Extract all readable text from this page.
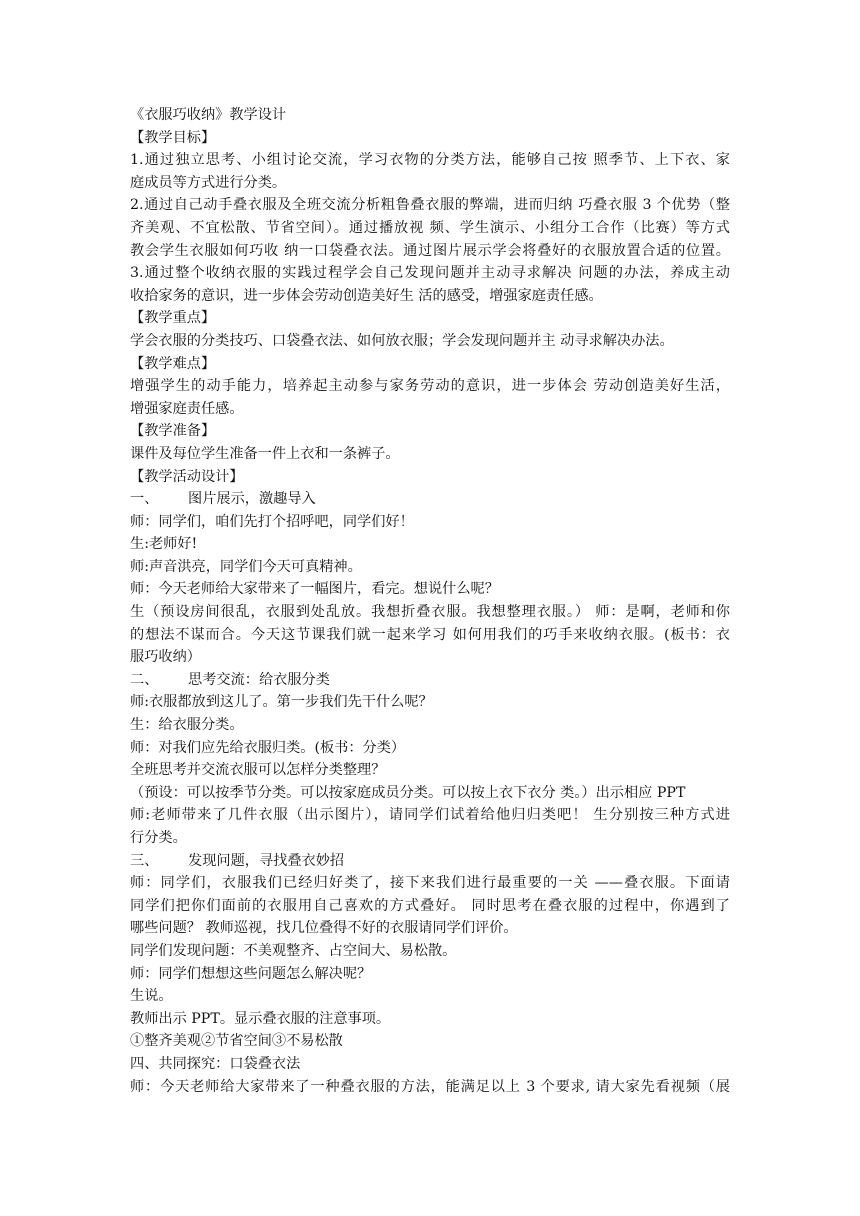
《衣服巧收纳》教学设计
【教学目标】
1.通过独立思考、小组讨论交流，学习衣物的分类方法，能够自己按 照季节、上下衣、家
庭成员等方式进行分类。
2.通过自己动手叠衣服及全班交流分析粗鲁叠衣服的弊端，进而归纳 巧叠衣服 3 个优势（整
齐美观、不宜松散、节省空间）。通过播放视 频、学生演示、小组分工合作（比赛）等方式
教会学生衣服如何巧收 纳一口袋叠衣法。通过图片展示学会将叠好的衣服放置合适的位置。
3.通过整个收纳衣服的实践过程学会自己发现问题并主动寻求解决 问题的办法，养成主动
收拾家务的意识，进一步体会劳动创造美好生 活的感受，增强家庭责任感。
【教学重点】
学会衣服的分类技巧、口袋叠衣法、如何放衣服；学会发现问题并主 动寻求解决办法。
【教学难点】
增强学生的动手能力，培养起主动参与家务劳动的意识，进一步体会 劳动创造美好生活，
增强家庭责任感。
【教学准备】
课件及每位学生准备一件上衣和一条裤子。
【教学活动设计】
一、 图片展示，激趣导入
师：同学们，咱们先打个招呼吧，同学们好！
生:老师好!
师:声音洪亮，同学们今天可真精神。
师：今天老师给大家带来了一幅图片，看完。想说什么呢？
生（预设房间很乱，衣服到处乱放。我想折叠衣服。我想整理衣服。） 师：是啊，老师和你
的想法不谋而合。今天这节课我们就一起来学习 如何用我们的巧手来收纳衣服。(板书：衣
服巧收纳）
二、 思考交流：给衣服分类
师:衣服都放到这儿了。第一步我们先干什么呢？
生：给衣服分类。
师：对我们应先给衣服归类。(板书：分类）
全班思考并交流衣服可以怎样分类整理？
（预设：可以按季节分类。可以按家庭成员分类。可以按上衣下衣分 类。）出示相应 PPT
师:老师带来了几件衣服（出示图片），请同学们试着给他归归类吧！ 生分别按三种方式进
行分类。
三、 发现问题，寻找叠衣妙招
师：同学们，衣服我们已经归好类了，接下来我们进行最重要的一关 ——叠衣服。下面请
同学们把你们面前的衣服用自己喜欢的方式叠好。 同时思考在叠衣服的过程中，你遇到了
哪些问题？ 教师巡视，找几位叠得不好的衣服请同学们评价。
同学们发现问题：不美观整齐、占空间大、易松散。
师：同学们想想这些问题怎么解决呢？
生说。
教师出示 PPT。显示叠衣服的注意事项。
①整齐美观②节省空间③不易松散
四、共同探究：口袋叠衣法
师：今天老师给大家带来了一种叠衣服的方法，能满足以上 3 个要求, 请大家先看视频（展
